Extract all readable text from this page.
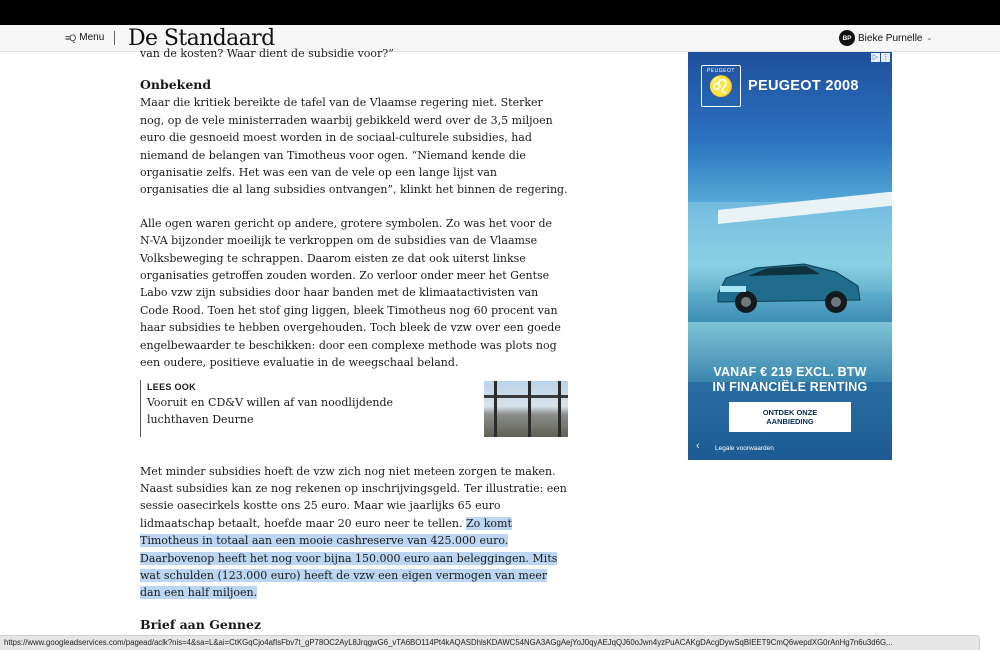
≡Q Menu De Standaard	BP Bieke Purnelle ⌄

van de kosten? Waar dient de subsidie voor?”

Onbekend

Maar die kritiek bereikte de tafel van de Vlaamse regering niet. Sterker nog, op de vele ministerraden waarbij gebikkeld werd over de 3,5 miljoen euro die gesnoeid moest worden in de sociaal-culturele subsidies, had niemand de belangen van Timotheus voor ogen. “Niemand kende die organisatie zelfs. Het was een van de vele op een lange lijst van organisaties die al lang subsidies ontvangen”, klinkt het binnen de regering.

Alle ogen waren gericht op andere, grotere symbolen. Zo was het voor de N-VA bijzonder moeilijk te verkroppen om de subsidies van de Vlaamse Volksbeweging te schrappen. Daarom eisten ze dat ook uiterst linkse organisaties getroffen zouden worden. Zo verloor onder meer het Gentse Labo vzw zijn subsidies door haar banden met de klimaatactivisten van Code Rood. Toen het stof ging liggen, bleek Timotheus nog 60 procent van haar subsidies te hebben overgehouden. Toch bleek de vzw over een goede engelbewaarder te beschikken: door een complexe methode was plots nog een oudere, positieve evaluatie in de weegschaal beland.

LEES OOK
Vooruit en CD&V willen af van noodlijdende luchthaven Deurne

Met minder subsidies hoeft de vzw zich nog niet meteen zorgen te maken. Naast subsidies kan ze nog rekenen op inschrijvingsgeld. Ter illustratie: een sessie oasecirkels kostte ons 25 euro. Maar wie jaarlijks 65 euro lidmaatschap betaalt, hoefde maar 20 euro neer te tellen. Zo komt Timotheus in totaal aan een mooie cashreserve van 425.000 euro. Daarbovenop heeft het nog voor bijna 150.000 euro aan beleggingen. Mits wat schulden (123.000 euro) heeft de vzw een eigen vermogen van meer dan een half miljoen.

Brief aan Gennez
▷ ⋮
PEUGEOT
♌	PEUGEOT 2008
VANAF € 219 EXCL. BTW
IN FINANCIËLE RENTING
ONTDEK ONZE
AANBIEDING
‹ Legale voorwaarden
https://www.googleadservices.com/pagead/aclk?nis=4&sa=L&ai=CtKGqCjo4afIsFbv7t_gP78OC2AyL8JrqgwG6_vTA6BO114Pt4kAQASDhlsKDAWC54NGA3AGgAejYoJ0qyAEJqQJ60oJwn4yzPuACAKgDAcgDywSqBIEET9CmQ6wepdXG0rAnHg7n6u3d6G...
